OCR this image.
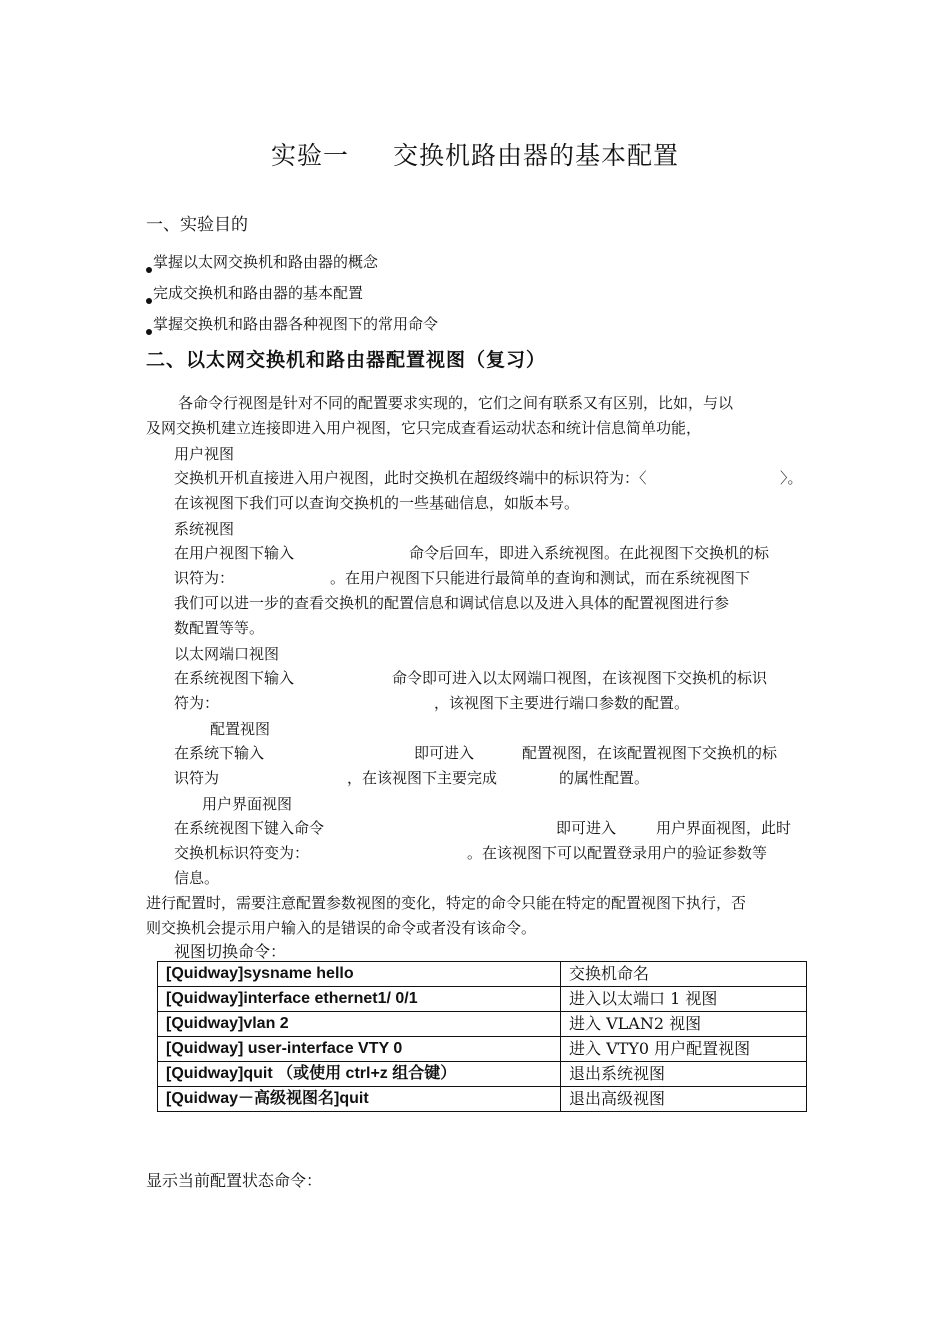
实验一 交换机路由器的基本配置
一、实验目的
掌握以太网交换机和路由器的概念
完成交换机和路由器的基本配置
掌握交换机和路由器各种视图下的常用命令
二、以太网交换机和路由器配置视图（复习）
各命令行视图是针对不同的配置要求实现的，它们之间有联系又有区别，比如，与以
及网交换机建立连接即进入用户视图，它只完成查看运动状态和统计信息简单功能，
用户视图
交换机开机直接进入用户视图，此时交换机在超级终端中的标识符为：〈	〉。
在该视图下我们可以查询交换机的一些基础信息，如版本号。
系统视图
在用户视图下输入	命令后回车，即进入系统视图。在此视图下交换机的标
识符为：	。在用户视图下只能进行最简单的查询和测试，而在系统视图下
我们可以进一步的查看交换机的配置信息和调试信息以及进入具体的配置视图进行参
数配置等等。
以太网端口视图
在系统视图下输入	命令即可进入以太网端口视图，在该视图下交换机的标识
符为：	，该视图下主要进行端口参数的配置。
配置视图
在系统下输入	即可进入	配置视图，在该配置视图下交换机的标
识符为	，在该视图下主要完成	的属性配置。
用户界面视图
在系统视图下键入命令	即可进入	用户界面视图，此时
交换机标识符变为：	。在该视图下可以配置登录用户的验证参数等
信息。
进行配置时，需要注意配置参数视图的变化，特定的命令只能在特定的配置视图下执行，否
则交换机会提示用户输入的是错误的命令或者没有该命令。
视图切换命令：
[Quidway]sysname hello	交换机命名
[Quidway]interface ethernet1/ 0/1	进入以太端口 1 视图
[Quidway]vlan 2	进入 VLAN2 视图
[Quidway] user-interface VTY 0	进入 VTY0 用户配置视图
[Quidway]quit （或使用 ctrl+z 组合键）	退出系统视图
[Quidway－高级视图名]quit	退出高级视图
显示当前配置状态命令：
